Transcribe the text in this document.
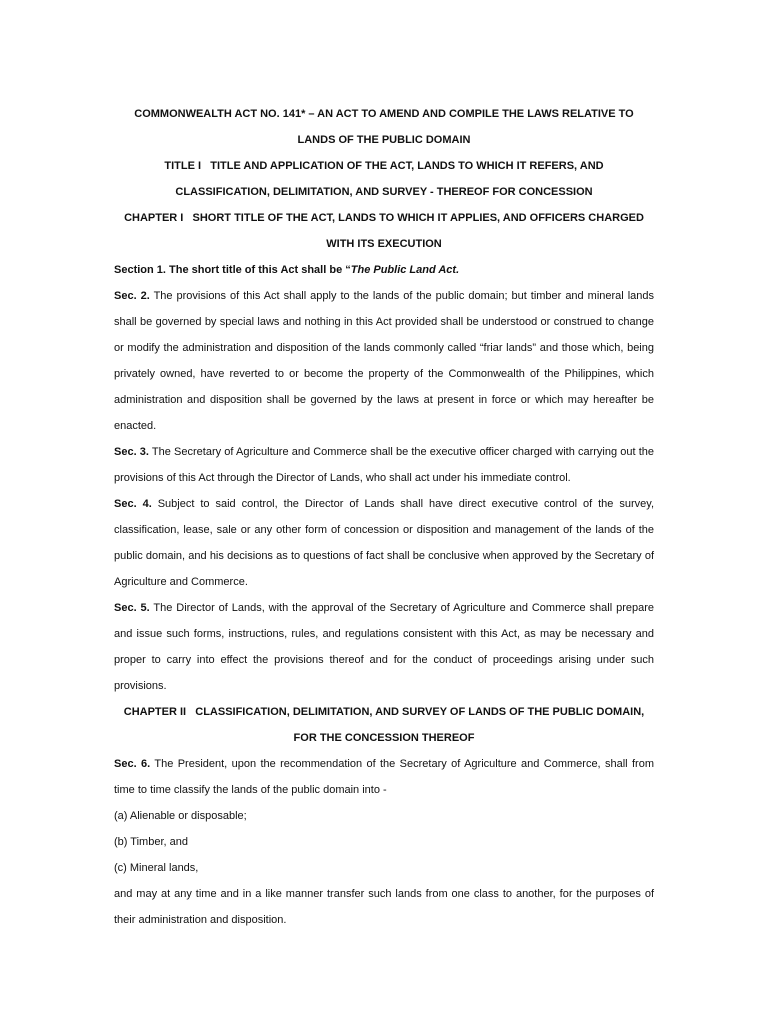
COMMONWEALTH ACT NO. 141* – AN ACT TO AMEND AND COMPILE THE LAWS RELATIVE TO
LANDS OF THE PUBLIC DOMAIN
TITLE I   TITLE AND APPLICATION OF THE ACT, LANDS TO WHICH IT REFERS, AND
CLASSIFICATION, DELIMITATION, AND SURVEY - THEREOF FOR CONCESSION
CHAPTER I   SHORT TITLE OF THE ACT, LANDS TO WHICH IT APPLIES, AND OFFICERS CHARGED
WITH ITS EXECUTION

Section 1. The short title of this Act shall be “The Public Land Act.

Sec. 2. The provisions of this Act shall apply to the lands of the public domain; but timber and mineral lands shall be governed by special laws and nothing in this Act provided shall be understood or construed to change or modify the administration and disposition of the lands commonly called “friar lands” and those which, being privately owned, have reverted to or become the property of the Commonwealth of the Philippines, which administration and disposition shall be governed by the laws at present in force or which may hereafter be enacted.

Sec. 3. The Secretary of Agriculture and Commerce shall be the executive officer charged with carrying out the provisions of this Act through the Director of Lands, who shall act under his immediate control.

Sec. 4. Subject to said control, the Director of Lands shall have direct executive control of the survey, classification, lease, sale or any other form of concession or disposition and management of the lands of the public domain, and his decisions as to questions of fact shall be conclusive when approved by the Secretary of Agriculture and Commerce.

Sec. 5. The Director of Lands, with the approval of the Secretary of Agriculture and Commerce shall prepare and issue such forms, instructions, rules, and regulations consistent with this Act, as may be necessary and proper to carry into effect the provisions thereof and for the conduct of proceedings arising under such provisions.

CHAPTER II   CLASSIFICATION, DELIMITATION, AND SURVEY OF LANDS OF THE PUBLIC DOMAIN,
FOR THE CONCESSION THEREOF

Sec. 6. The President, upon the recommendation of the Secretary of Agriculture and Commerce, shall from time to time classify the lands of the public domain into -

(a) Alienable or disposable;

(b) Timber, and

(c) Mineral lands,

and may at any time and in a like manner transfer such lands from one class to another, for the purposes of their administration and disposition.
